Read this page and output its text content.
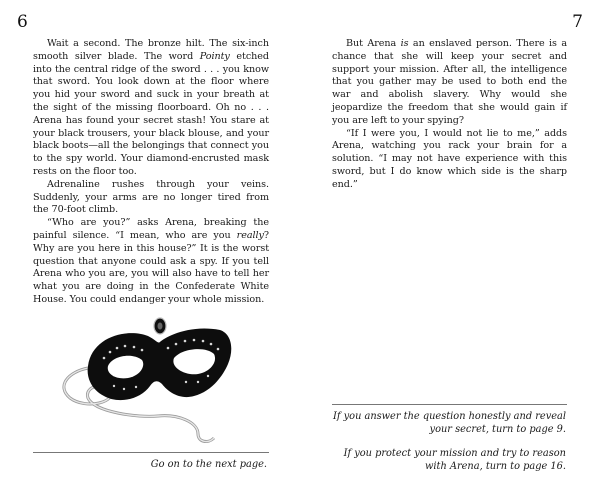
6	7

Wait a second. The bronze hilt. The six-inch smooth silver blade. The word Pointy etched into the central ridge of the sword . . . you know that sword. You look down at the floor where you hid your sword and suck in your breath at the sight of the missing floorboard. Oh no . . . Arena has found your secret stash! You stare at your black trousers, your black blouse, and your black boots—all the belongings that connect you to the spy world. Your diamond-encrusted mask rests on the floor too.

Adrenaline rushes through your veins. Suddenly, your arms are no longer tired from the 70-foot climb.

“Who are you?” asks Arena, breaking the painful silence. “I mean, who are you really? Why are you here in this house?” It is the worst question that anyone could ask a spy. If you tell Arena who you are, you will also have to tell her what you are doing in the Confederate White House. You could endanger your whole mission.

Go on to the next page.

But Arena is an enslaved person. There is a chance that she will keep your secret and support your mission. After all, the intelligence that you gather may be used to both end the war and abolish slavery. Why would she jeopardize the freedom that she would gain if you are left to your spying?

“If I were you, I would not lie to me,” adds Arena, watching you rack your brain for a solution. “I may not have experience with this sword, but I do know which side is the sharp end.”

If you answer the question honestly and reveal your secret, turn to page 9.
If you protect your mission and try to reason with Arena, turn to page 16.
